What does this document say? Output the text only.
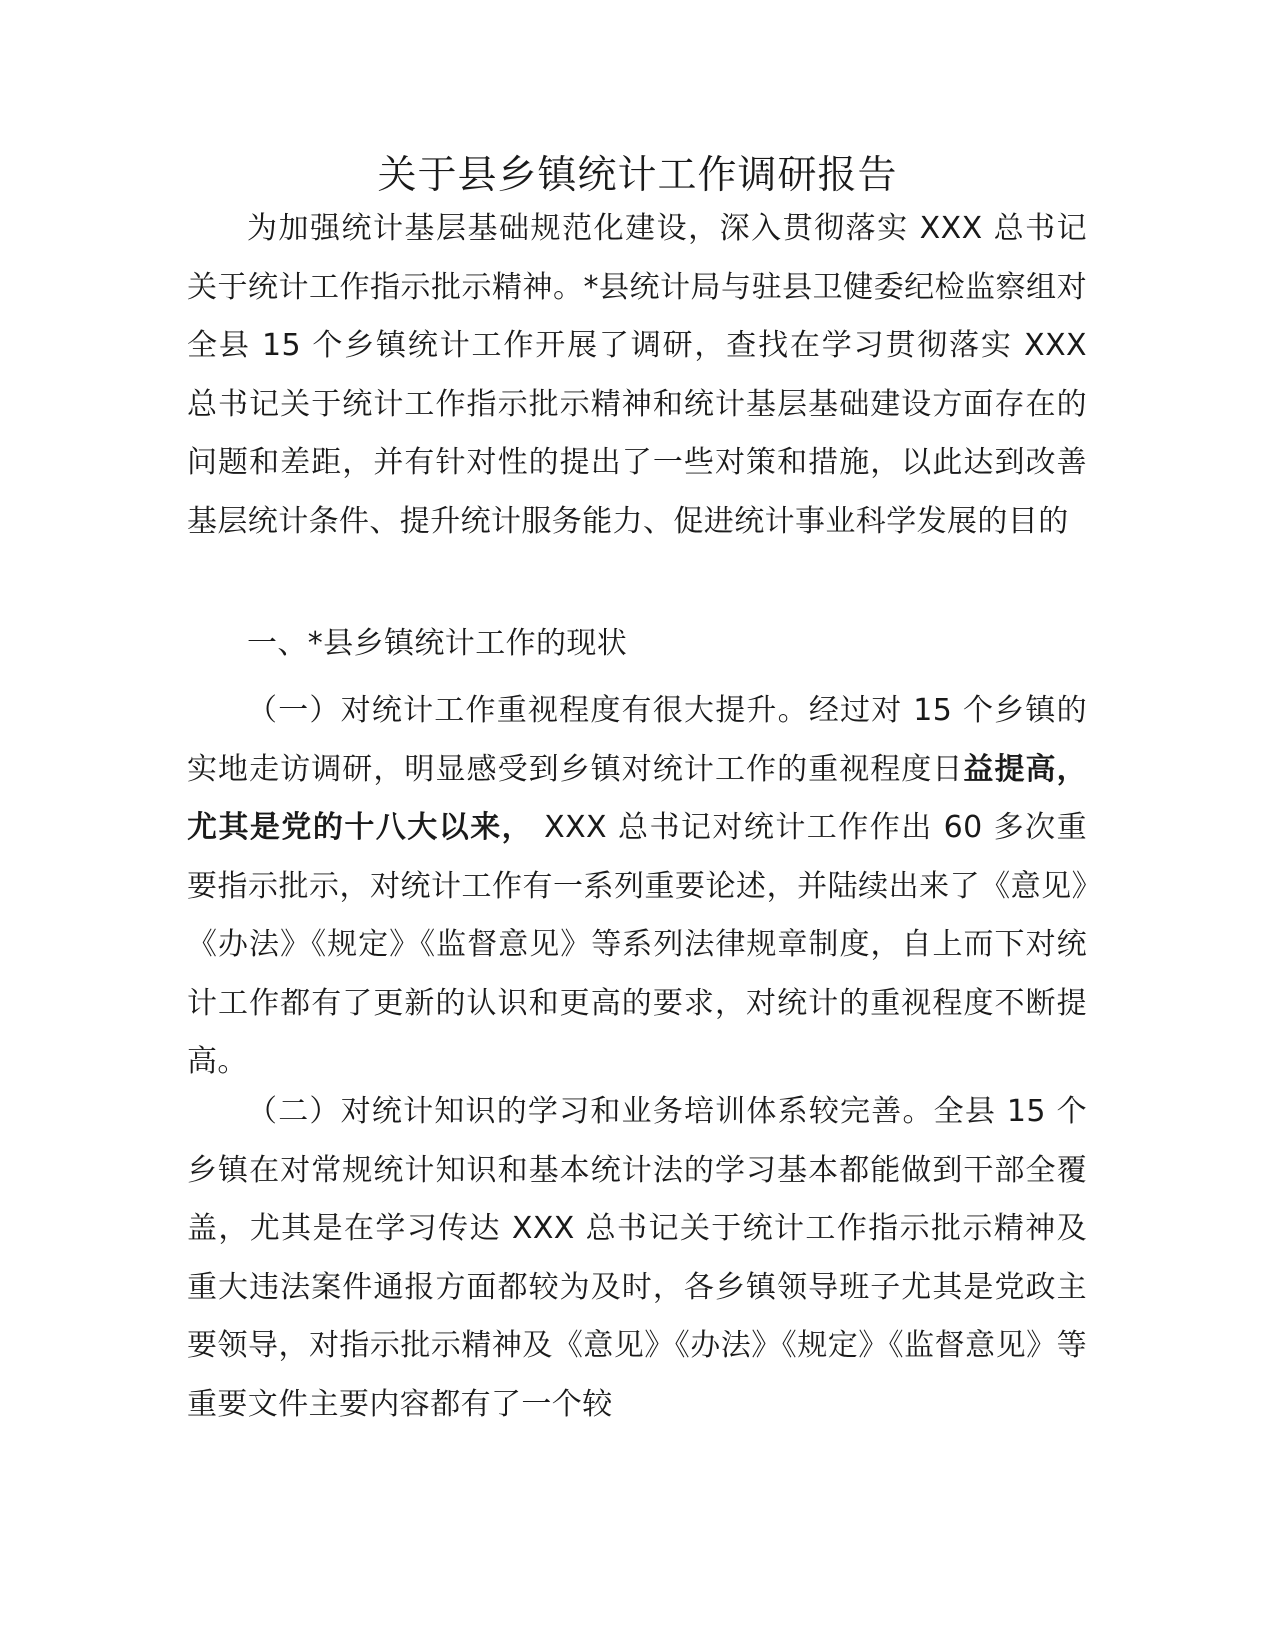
关于县乡镇统计工作调研报告

为加强统计基层基础规范化建设，深入贯彻落实 XXX 总书记关于统计工作指示批示精神。*县统计局与驻县卫健委纪检监察组对全县 15 个乡镇统计工作开展了调研，查找在学习贯彻落实 XXX 总书记关于统计工作指示批示精神和统计基层基础建设方面存在的问题和差距，并有针对性的提出了一些对策和措施，以此达到改善基层统计条件、提升统计服务能力、促进统计事业科学发展的目的

一、*县乡镇统计工作的现状

（一）对统计工作重视程度有很大提升。经过对 15 个乡镇的实地走访调研，明显感受到乡镇对统计工作的重视程度日益提高，尤其是党的十八大以来， XXX 总书记对统计工作作出 60 多次重要指示批示，对统计工作有一系列重要论述，并陆续出来了《意见》《办法》《规定》《监督意见》等系列法律规章制度，自上而下对统计工作都有了更新的认识和更高的要求，对统计的重视程度不断提高。

（二）对统计知识的学习和业务培训体系较完善。全县 15 个乡镇在对常规统计知识和基本统计法的学习基本都能做到干部全覆盖，尤其是在学习传达 XXX 总书记关于统计工作指示批示精神及重大违法案件通报方面都较为及时，各乡镇领导班子尤其是党政主要领导，对指示批示精神及《意见》《办法》《规定》《监督意见》等重要文件主要内容都有了一个较
